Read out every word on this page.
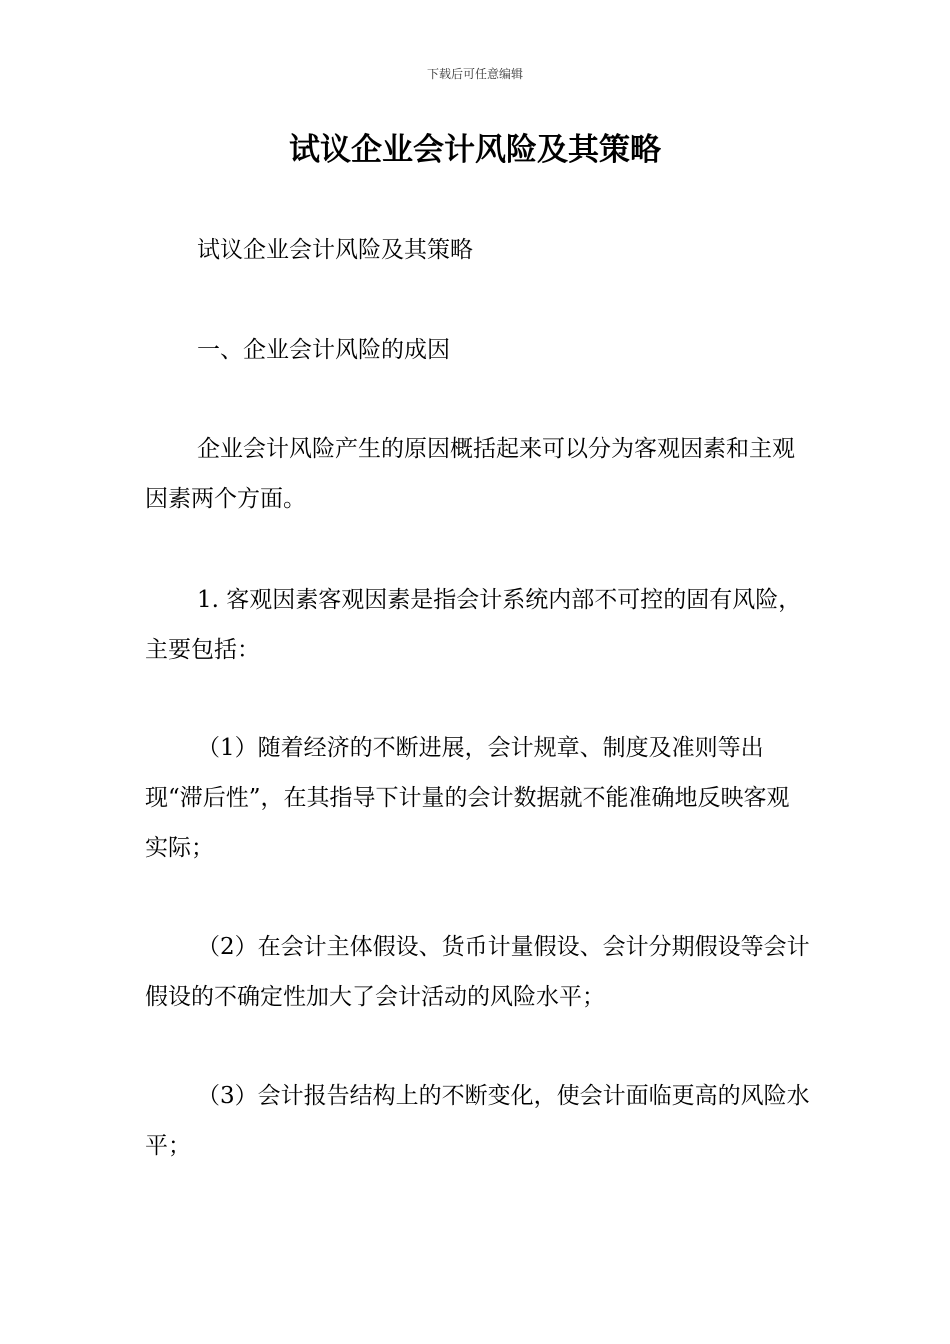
下载后可任意编辑
试议企业会计风险及其策略

试议企业会计风险及其策略

一、企业会计风险的成因

企业会计风险产生的原因概括起来可以分为客观因素和主观因素两个方面。

1. 客观因素客观因素是指会计系统内部不可控的固有风险，主要包括：

（1）随着经济的不断进展，会计规章、制度及准则等出现“滞后性”，在其指导下计量的会计数据就不能准确地反映客观实际；

（2）在会计主体假设、货币计量假设、会计分期假设等会计假设的不确定性加大了会计活动的风险水平；

（3）会计报告结构上的不断变化，使会计面临更高的风险水平；
